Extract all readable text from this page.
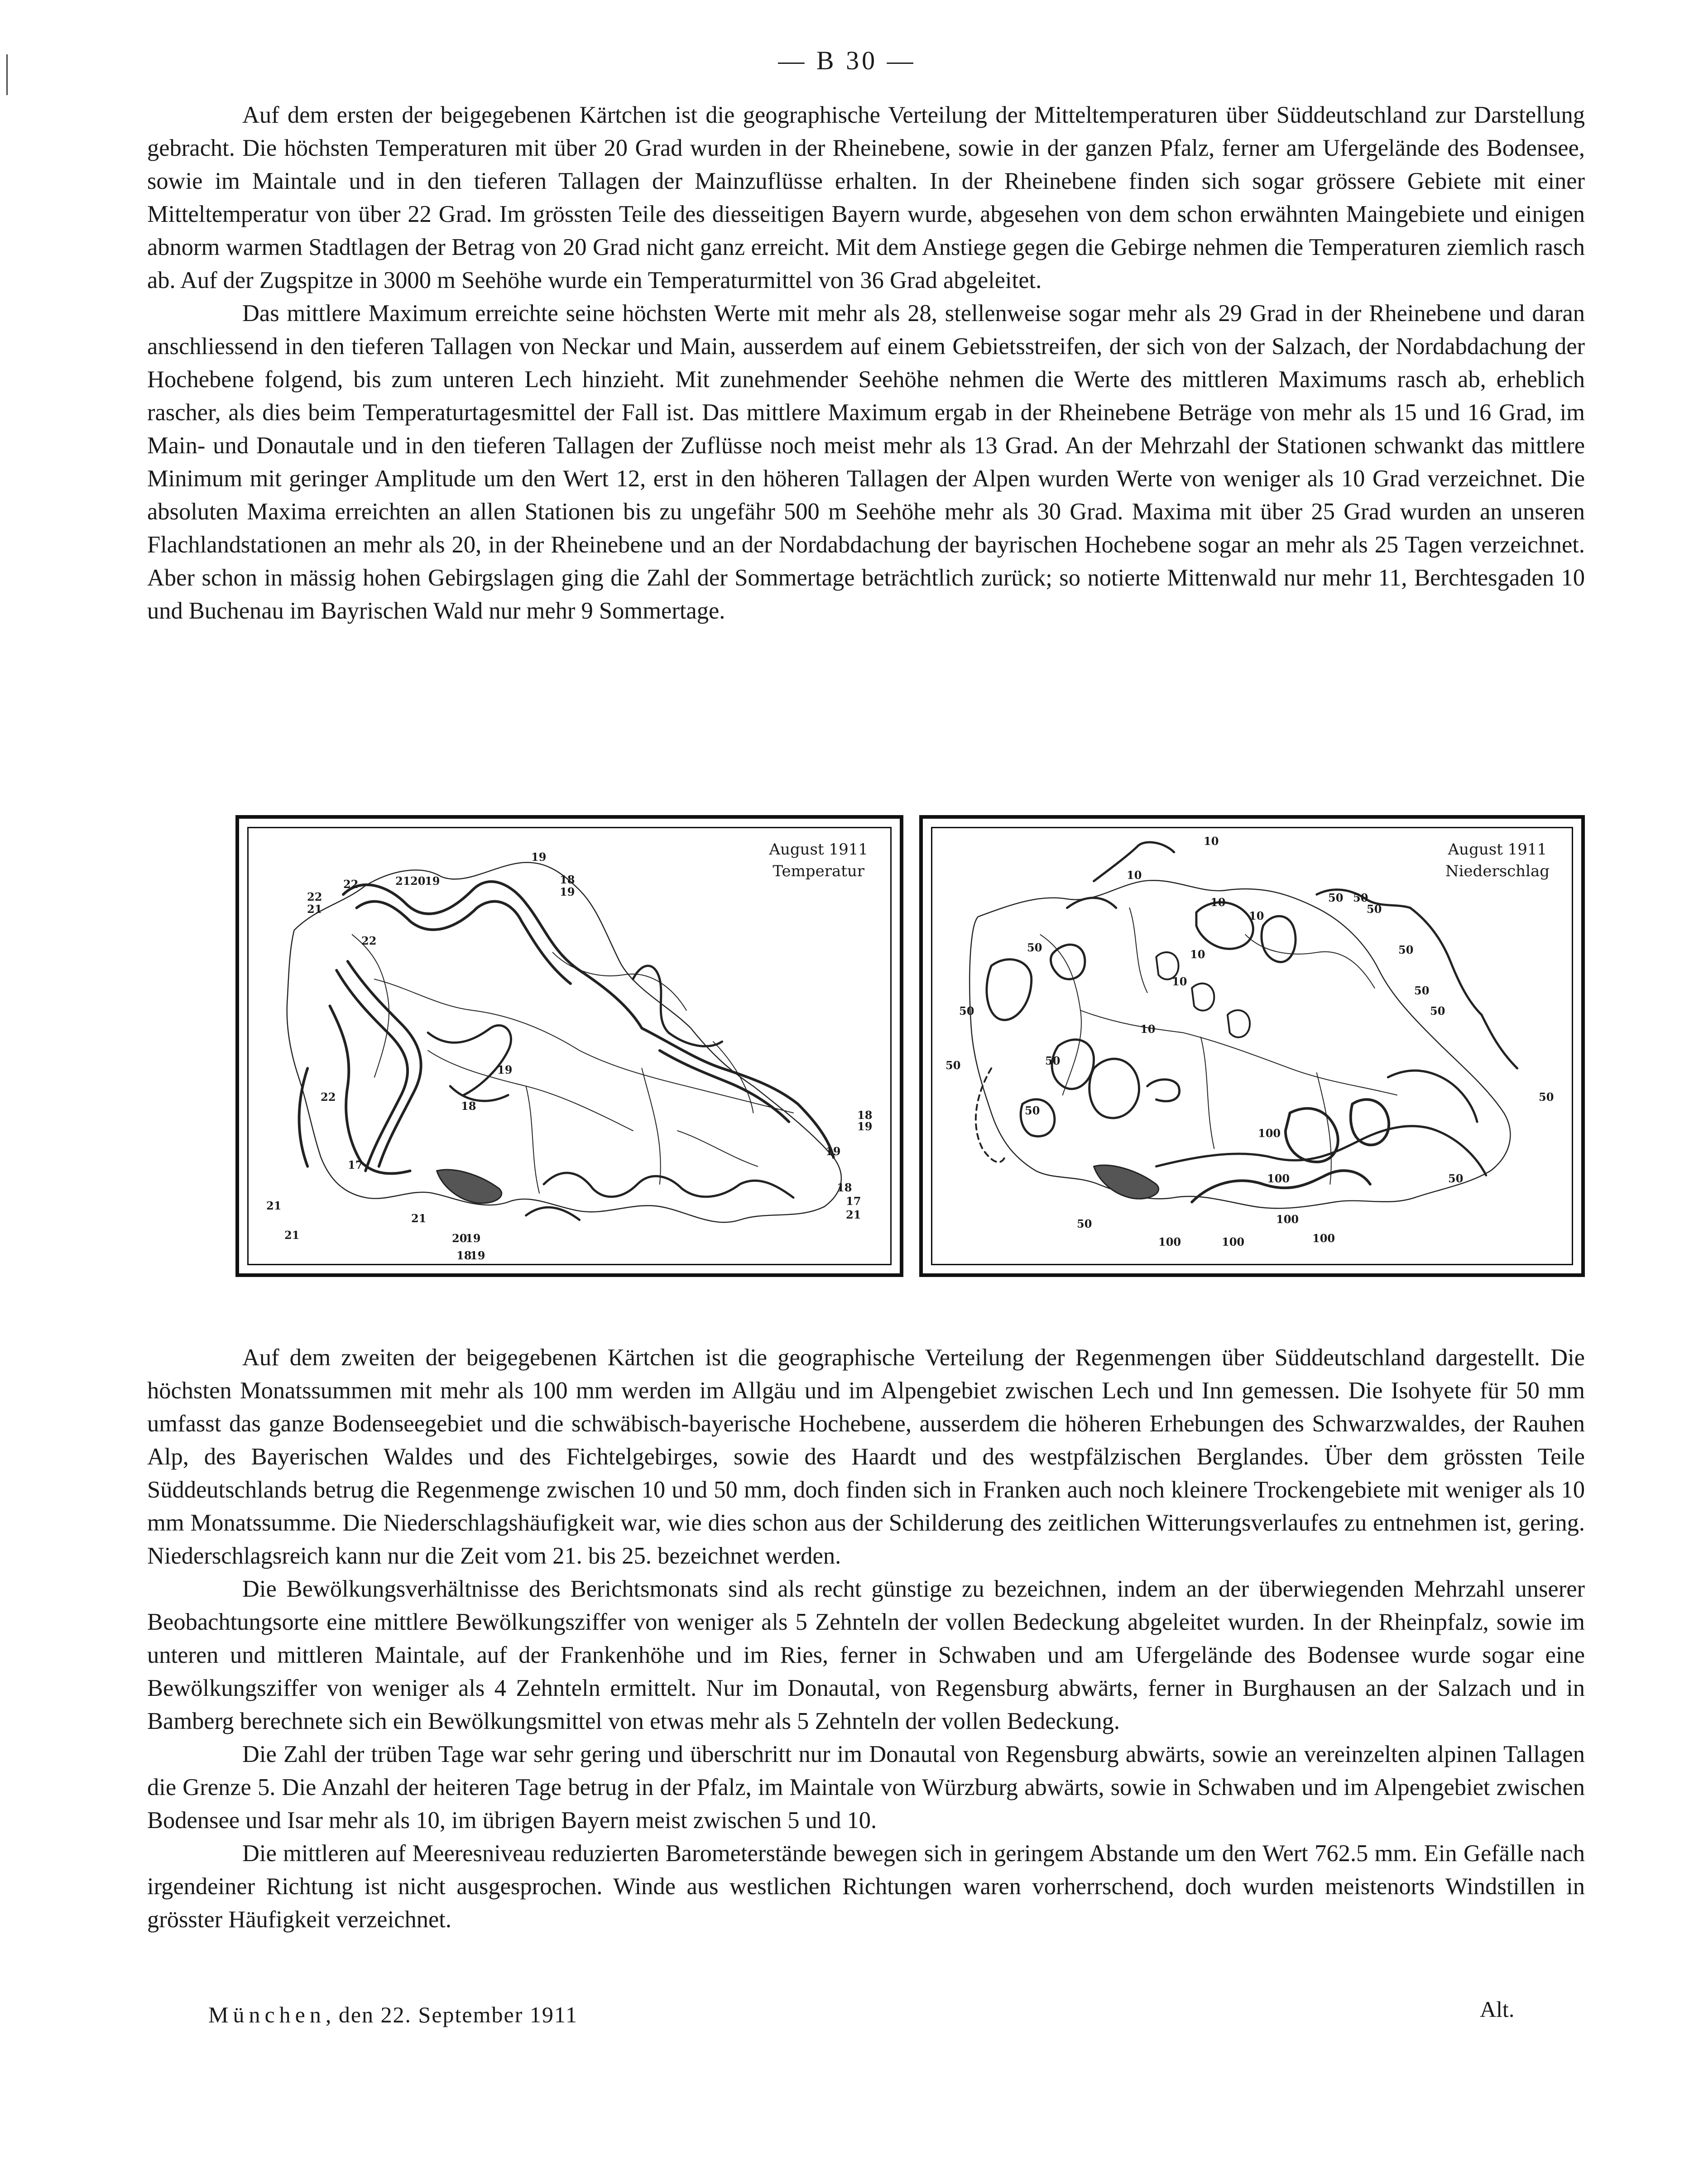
— B 30 —

Auf dem ersten der beigegebenen Kärtchen ist die geographische Verteilung der Mitteltemperaturen über Süddeutschland zur Darstellung gebracht. Die höchsten Temperaturen mit über 20 Grad wurden in der Rheinebene, sowie in der ganzen Pfalz, ferner am Ufergelände des Bodensee, sowie im Maintale und in den tieferen Tallagen der Mainzuflüsse erhalten. In der Rheinebene finden sich sogar grössere Gebiete mit einer Mitteltemperatur von über 22 Grad. Im grössten Teile des diesseitigen Bayern wurde, abgesehen von dem schon erwähnten Maingebiete und einigen abnorm warmen Stadtlagen der Betrag von 20 Grad nicht ganz erreicht. Mit dem Anstiege gegen die Gebirge nehmen die Temperaturen ziemlich rasch ab. Auf der Zugspitze in 3000 m Seehöhe wurde ein Temperaturmittel von 36 Grad abgeleitet.

Das mittlere Maximum erreichte seine höchsten Werte mit mehr als 28, stellenweise sogar mehr als 29 Grad in der Rheinebene und daran anschliessend in den tieferen Tallagen von Neckar und Main, ausserdem auf einem Gebietsstreifen, der sich von der Salzach, der Nordabdachung der Hochebene folgend, bis zum unteren Lech hinzieht. Mit zunehmender Seehöhe nehmen die Werte des mittleren Maximums rasch ab, erheblich rascher, als dies beim Temperaturtagesmittel der Fall ist. Das mittlere Maximum ergab in der Rheinebene Beträge von mehr als 15 und 16 Grad, im Main- und Donautale und in den tieferen Tallagen der Zuflüsse noch meist mehr als 13 Grad. An der Mehrzahl der Stationen schwankt das mittlere Minimum mit geringer Amplitude um den Wert 12, erst in den höheren Tallagen der Alpen wurden Werte von weniger als 10 Grad verzeichnet. Die absoluten Maxima erreichten an allen Stationen bis zu ungefähr 500 m Seehöhe mehr als 30 Grad. Maxima mit über 25 Grad wurden an unseren Flachlandstationen an mehr als 20, in der Rheinebene und an der Nordabdachung der bayrischen Hochebene sogar an mehr als 25 Tagen verzeichnet. Aber schon in mässig hohen Gebirgslagen ging die Zahl der Sommertage beträchtlich zurück; so notierte Mittenwald nur mehr 11, Berchtesgaden 10 und Buchenau im Bayrischen Wald nur mehr 9 Sommertage.

August 1911
Temperatur
19
21 20
19	18
19
22
22
21
22
19
18
22
17
21
21
21
20
19
18
19
18
19
19
18
17
21
August 1911
Niederschlag
10
10
10
10
10
10
10
50 50
50
50
50
50
50
50
50	50
50
50
100
100
100	100	100
100
50
50

Auf dem zweiten der beigegebenen Kärtchen ist die geographische Verteilung der Regenmengen über Süddeutschland dargestellt. Die höchsten Monatssummen mit mehr als 100 mm werden im Allgäu und im Alpengebiet zwischen Lech und Inn gemessen. Die Isohyete für 50 mm umfasst das ganze Bodenseegebiet und die schwäbisch-bayerische Hochebene, ausserdem die höheren Erhebungen des Schwarzwaldes, der Rauhen Alp, des Bayerischen Waldes und des Fichtelgebirges, sowie des Haardt und des westpfälzischen Berglandes. Über dem grössten Teile Süddeutschlands betrug die Regenmenge zwischen 10 und 50 mm, doch finden sich in Franken auch noch kleinere Trockengebiete mit weniger als 10 mm Monatssumme. Die Niederschlagshäufigkeit war, wie dies schon aus der Schilderung des zeitlichen Witterungsverlaufes zu entnehmen ist, gering. Niederschlagsreich kann nur die Zeit vom 21. bis 25. bezeichnet werden.

Die Bewölkungsverhältnisse des Berichtsmonats sind als recht günstige zu bezeichnen, indem an der überwiegenden Mehrzahl unserer Beobachtungsorte eine mittlere Bewölkungsziffer von weniger als 5 Zehnteln der vollen Bedeckung abgeleitet wurden. In der Rheinpfalz, sowie im unteren und mittleren Maintale, auf der Frankenhöhe und im Ries, ferner in Schwaben und am Ufergelände des Bodensee wurde sogar eine Bewölkungsziffer von weniger als 4 Zehnteln ermittelt. Nur im Donautal, von Regensburg abwärts, ferner in Burghausen an der Salzach und in Bamberg berechnete sich ein Bewölkungsmittel von etwas mehr als 5 Zehnteln der vollen Bedeckung.

Die Zahl der trüben Tage war sehr gering und überschritt nur im Donautal von Regensburg abwärts, sowie an vereinzelten alpinen Tallagen die Grenze 5. Die Anzahl der heiteren Tage betrug in der Pfalz, im Maintale von Würzburg abwärts, sowie in Schwaben und im Alpengebiet zwischen Bodensee und Isar mehr als 10, im übrigen Bayern meist zwischen 5 und 10.

Die mittleren auf Meeresniveau reduzierten Barometerstände bewegen sich in geringem Abstande um den Wert 762.5 mm. Ein Gefälle nach irgendeiner Richtung ist nicht ausgesprochen. Winde aus westlichen Richtungen waren vorherrschend, doch wurden meistenorts Windstillen in grösster Häufigkeit verzeichnet.

München, den 22. September 1911	Alt.
